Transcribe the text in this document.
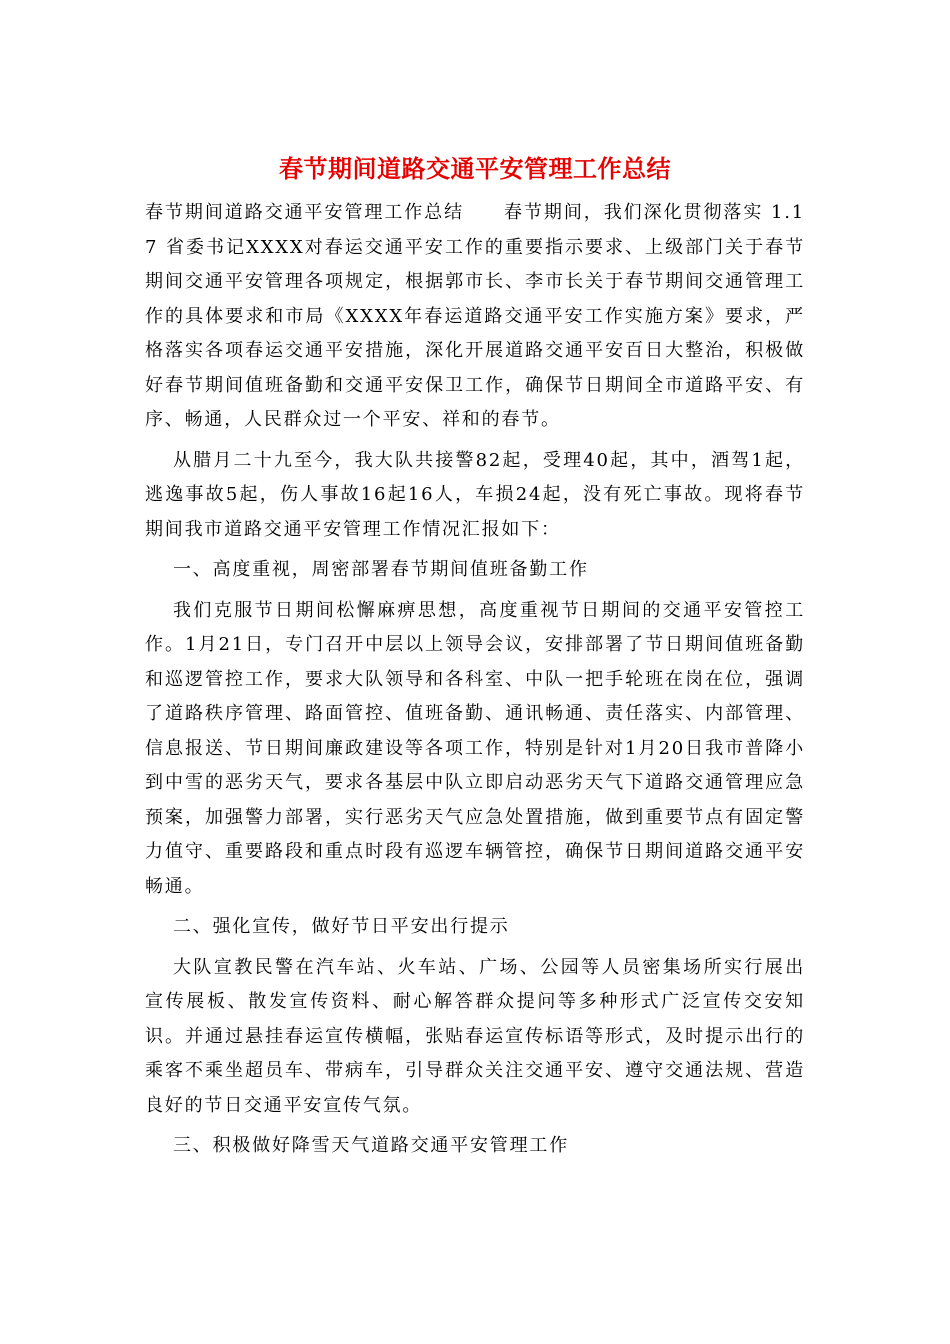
春节期间道路交通平安管理工作总结

春节期间道路交通平安管理工作总结　　春节期间，我们深化贯彻落实 1.17 省委书记XXXX对春运交通平安工作的重要指示要求、上级部门关于春节期间交通平安管理各项规定，根据郭市长、李市长关于春节期间交通管理工作的具体要求和市局《XXXX年春运道路交通平安工作实施方案》要求，严格落实各项春运交通平安措施，深化开展道路交通平安百日大整治，积极做好春节期间值班备勤和交通平安保卫工作，确保节日期间全市道路平安、有序、畅通，人民群众过一个平安、祥和的春节。

从腊月二十九至今，我大队共接警82起，受理40起，其中，酒驾1起，逃逸事故5起，伤人事故16起16人，车损24起，没有死亡事故。现将春节期间我市道路交通平安管理工作情况汇报如下：

一、高度重视，周密部署春节期间值班备勤工作

我们克服节日期间松懈麻痹思想，高度重视节日期间的交通平安管控工作。1月21日，专门召开中层以上领导会议，安排部署了节日期间值班备勤和巡逻管控工作，要求大队领导和各科室、中队一把手轮班在岗在位，强调了道路秩序管理、路面管控、值班备勤、通讯畅通、责任落实、内部管理、信息报送、节日期间廉政建设等各项工作，特别是针对1月20日我市普降小到中雪的恶劣天气，要求各基层中队立即启动恶劣天气下道路交通管理应急预案，加强警力部署，实行恶劣天气应急处置措施，做到重要节点有固定警力值守、重要路段和重点时段有巡逻车辆管控，确保节日期间道路交通平安畅通。

二、强化宣传，做好节日平安出行提示

大队宣教民警在汽车站、火车站、广场、公园等人员密集场所实行展出宣传展板、散发宣传资料、耐心解答群众提问等多种形式广泛宣传交安知识。并通过悬挂春运宣传横幅，张贴春运宣传标语等形式，及时提示出行的乘客不乘坐超员车、带病车，引导群众关注交通平安、遵守交通法规、营造良好的节日交通平安宣传气氛。

三、积极做好降雪天气道路交通平安管理工作
